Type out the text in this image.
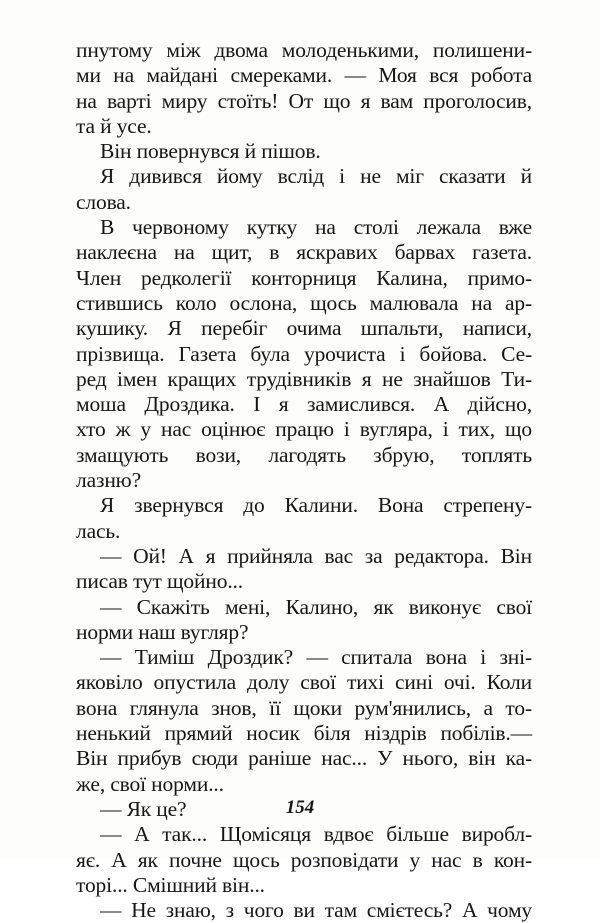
пнутому між двома молоденькими, полишени-
ми на майдані смереками. — Моя вся робота
на варті миру стоїть! От що я вам проголосив,
та й усе.
Він повернувся й пішов.
Я дивився йому вслід і не міг сказати й
слова.
В червоному кутку на столі лежала вже
наклеєна на щит, в яскравих барвах газета.
Член редколегії конторниця Калина, примо-
стившись коло ослона, щось малювала на ар-
кушику. Я перебіг очима шпальти, написи,
прізвища. Газета була урочиста і бойова. Се-
ред імен кращих трудівників я не знайшов Ти-
моша Дроздика. І я замислився. А дійсно,
хто ж у нас оцінює працю і вугляра, і тих, що
змащують вози, лагодять збрую, топлять
лазню?
Я звернувся до Калини. Вона стрепену-
лась.
— Ой! А я прийняла вас за редактора. Він
писав тут щойно...
— Скажіть мені, Калино, як виконує свої
норми наш вугляр?
— Тиміш Дроздик? — спитала вона і зні-
яковіло опустила долу свої тихі сині очі. Коли
вона глянула знов, її щоки рум'янились, а то-
ненький прямий носик біля ніздрів побілів.—
Він прибув сюди раніше нас... У нього, він ка-
же, свої норми...
— Як це?
— А так... Щомісяця вдвоє більше виробл-
яє. А як почне щось розповідати у нас в кон-
торі... Смішний він...
— Не знаю, з чого ви там смієтесь? А чому
154
